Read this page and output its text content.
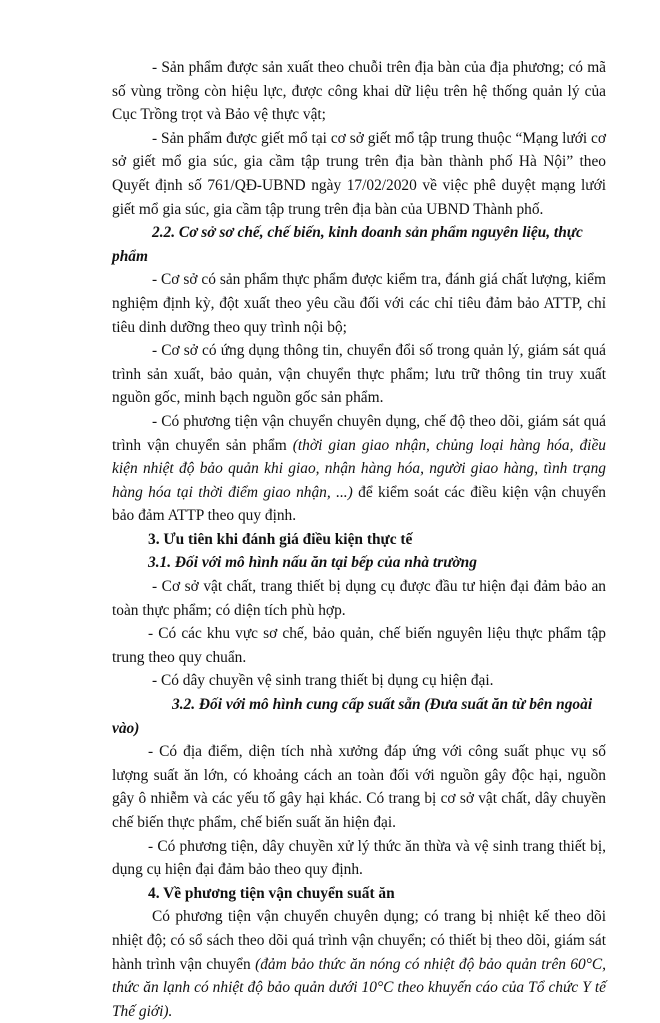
- Sản phẩm được sản xuất theo chuỗi trên địa bàn của địa phương; có mã số vùng trồng còn hiệu lực, được công khai dữ liệu trên hệ thống quản lý của Cục Trồng trọt và Bảo vệ thực vật;

- Sản phẩm được giết mổ tại cơ sở giết mổ tập trung thuộc “Mạng lưới cơ sở giết mổ gia súc, gia cầm tập trung trên địa bàn thành phố Hà Nội” theo Quyết định số 761/QĐ-UBND ngày 17/02/2020 về việc phê duyệt mạng lưới giết mổ gia súc, gia cầm tập trung trên địa bàn của UBND Thành phố.

2.2. Cơ sở sơ chế, chế biến, kinh doanh sản phẩm nguyên liệu, thực phẩm

- Cơ sở có sản phẩm thực phẩm được kiểm tra, đánh giá chất lượng, kiểm nghiệm định kỳ, đột xuất theo yêu cầu đối với các chỉ tiêu đảm bảo ATTP, chỉ tiêu dinh dưỡng theo quy trình nội bộ;

- Cơ sở có ứng dụng thông tin, chuyển đổi số trong quản lý, giám sát quá trình sản xuất, bảo quản, vận chuyển thực phẩm; lưu trữ thông tin truy xuất nguồn gốc, minh bạch nguồn gốc sản phẩm.

- Có phương tiện vận chuyển chuyên dụng, chế độ theo dõi, giám sát quá trình vận chuyển sản phẩm (thời gian giao nhận, chủng loại hàng hóa, điều kiện nhiệt độ bảo quản khi giao, nhận hàng hóa, người giao hàng, tình trạng hàng hóa tại thời điểm giao nhận, ...) để kiểm soát các điều kiện vận chuyển bảo đảm ATTP theo quy định.

3. Ưu tiên khi đánh giá điều kiện thực tế

3.1. Đối với mô hình nấu ăn tại bếp của nhà trường

- Cơ sở vật chất, trang thiết bị dụng cụ được đầu tư hiện đại đảm bảo an toàn thực phẩm; có diện tích phù hợp.

- Có các khu vực sơ chế, bảo quản, chế biến nguyên liệu thực phẩm tập trung theo quy chuẩn.

- Có dây chuyền vệ sinh trang thiết bị dụng cụ hiện đại.

3.2. Đối với mô hình cung cấp suất sẵn (Đưa suất ăn từ bên ngoài vào)

- Có địa điểm, diện tích nhà xưởng đáp ứng với công suất phục vụ số lượng suất ăn lớn, có khoảng cách an toàn đối với nguồn gây độc hại, nguồn gây ô nhiễm và các yếu tố gây hại khác. Có trang bị cơ sở vật chất, dây chuyền chế biến thực phẩm, chế biến suất ăn hiện đại.

- Có phương tiện, dây chuyền xử lý thức ăn thừa và vệ sinh trang thiết bị, dụng cụ hiện đại đảm bảo theo quy định.

4. Về phương tiện vận chuyển suất ăn

Có phương tiện vận chuyển chuyên dụng; có trang bị nhiệt kế theo dõi nhiệt độ; có sổ sách theo dõi quá trình vận chuyển; có thiết bị theo dõi, giám sát hành trình vận chuyển (đảm bảo thức ăn nóng có nhiệt độ bảo quản trên 60°C, thức ăn lạnh có nhiệt độ bảo quản dưới 10°C theo khuyến cáo của Tổ chức Y tế Thế giới).
